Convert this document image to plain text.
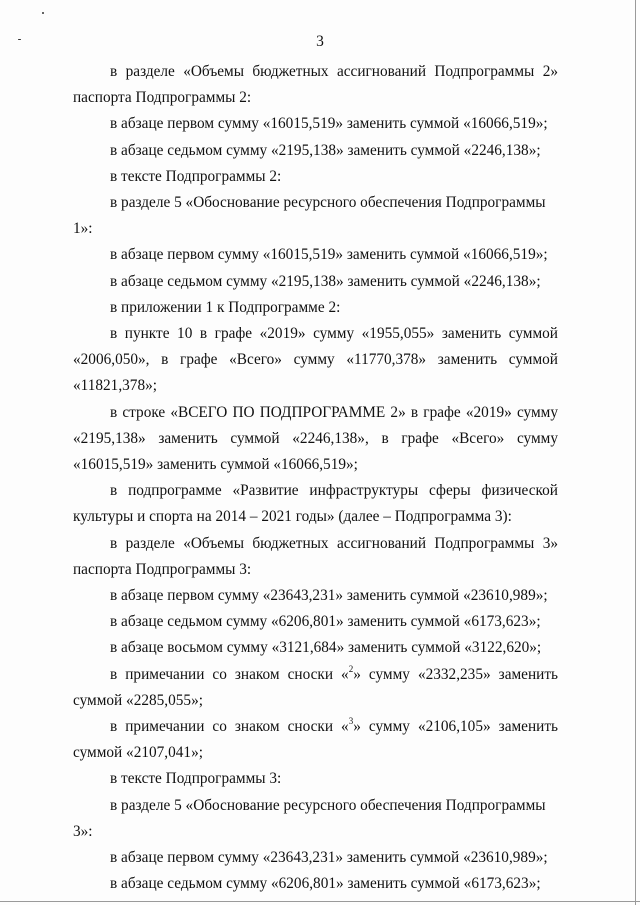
3

в разделе «Объемы бюджетных ассигнований Подпрограммы 2» паспорта Подпрограммы 2:

в абзаце первом сумму «16015,519» заменить суммой «16066,519»;

в абзаце седьмом сумму «2195,138» заменить суммой «2246,138»;

в тексте Подпрограммы 2:

в разделе 5 «Обоснование ресурсного обеспечения Подпрограммы 1»:

в абзаце первом сумму «16015,519» заменить суммой «16066,519»;

в абзаце седьмом сумму «2195,138» заменить суммой «2246,138»;

в приложении 1 к Подпрограмме 2:

в пункте 10 в графе «2019» сумму «1955,055» заменить суммой «2006,050», в графе «Всего» сумму «11770,378» заменить суммой «11821,378»;

в строке «ВСЕГО ПО ПОДПРОГРАММЕ 2» в графе «2019» сумму «2195,138» заменить суммой «2246,138», в графе «Всего» сумму «16015,519» заменить суммой «16066,519»;

в подпрограмме «Развитие инфраструктуры сферы физической культуры и спорта на 2014 – 2021 годы» (далее – Подпрограмма 3):

в разделе «Объемы бюджетных ассигнований Подпрограммы 3» паспорта Подпрограммы 3:

в абзаце первом сумму «23643,231» заменить суммой «23610,989»;

в абзаце седьмом сумму «6206,801» заменить суммой «6173,623»;

в абзаце восьмом сумму «3121,684» заменить суммой «3122,620»;

в примечании со знаком сноски «$^2$» сумму «2332,235» заменить суммой «2285,055»;

в примечании со знаком сноски «$^3$» сумму «2106,105» заменить суммой «2107,041»;

в тексте Подпрограммы 3:

в разделе 5 «Обоснование ресурсного обеспечения Подпрограммы 3»:

в абзаце первом сумму «23643,231» заменить суммой «23610,989»;

в абзаце седьмом сумму «6206,801» заменить суммой «6173,623»;
